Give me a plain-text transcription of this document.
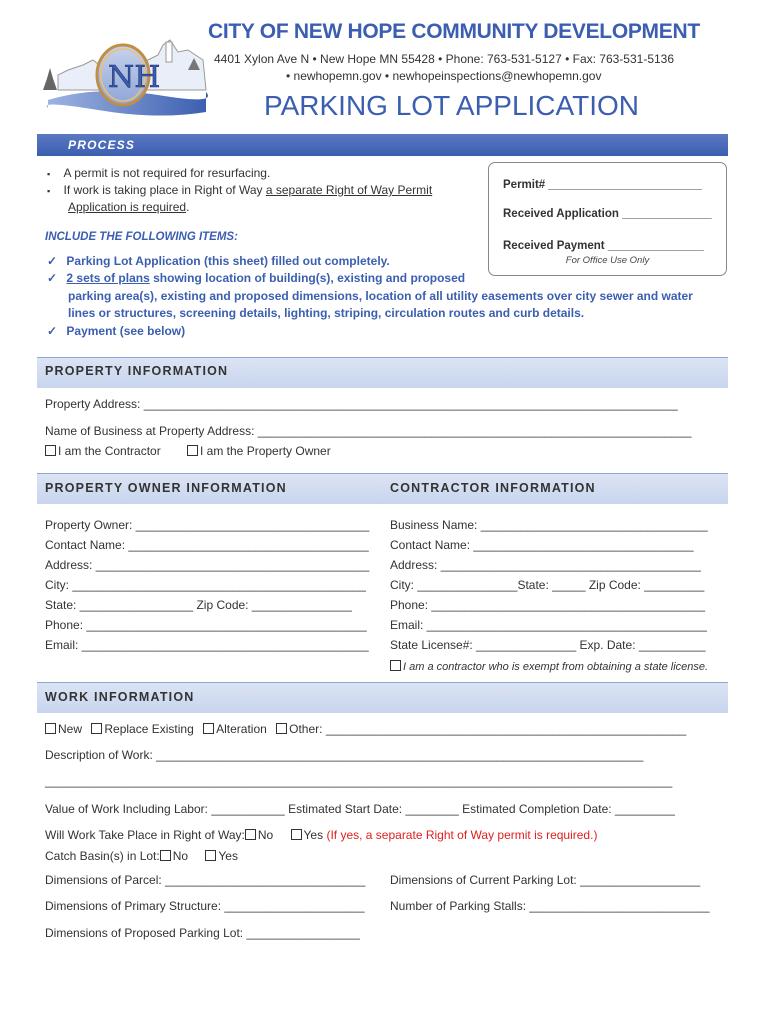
NH
CITY OF NEW HOPE COMMUNITY DEVELOPMENT
4401 Xylon Ave N • New Hope MN 55428 • Phone: 763-531-5127 • Fax: 763-531-5136
• newhopemn.gov • newhopeinspections@newhopemn.gov
PARKING LOT APPLICATION
PROCESS
▪ A permit is not required for resurfacing.
▪ If work is taking place in Right of Way a separate Right of Way Permit
Application is required.
INCLUDE THE FOLLOWING ITEMS:
✓ Parking Lot Application (this sheet) filled out completely.
✓ 2 sets of plans showing location of building(s), existing and proposed
parking area(s), existing and proposed dimensions, location of all utility easements over city sewer and water
lines or structures, screening details, lighting, striping, circulation routes and curb details.
✓ Payment (see below)
Permit# ________________________
Received Application ______________
Received Payment _______________
For Office Use Only
PROPERTY INFORMATION
Property Address: ________________________________________________________________________________
Name of Business at Property Address: _________________________________________________________________
I am the Contractor	I am the Property Owner
PROPERTY OWNER INFORMATION	CONTRACTOR INFORMATION
Property Owner: ___________________________________
Contact Name: ____________________________________
Address: _________________________________________
City: ____________________________________________
State: _________________ Zip Code: _______________
Phone: __________________________________________
Email: ___________________________________________
Business Name: __________________________________
Contact Name: _________________________________
Address: _______________________________________
City: _______________State: _____ Zip Code: _________
Phone: _________________________________________
Email: __________________________________________
State License#: _______________ Exp. Date: __________
I am a contractor who is exempt from obtaining a state license.
WORK INFORMATION
New Replace Existing Alteration Other: ______________________________________________________
Description of Work: _________________________________________________________________________
______________________________________________________________________________________________
Value of Work Including Labor: ___________ Estimated Start Date: ________ Estimated Completion Date: _________
Will Work Take Place in Right of Way: No	Yes (If yes, a separate Right of Way permit is required.)
Catch Basin(s) in Lot: No	Yes
Dimensions of Parcel: ______________________________ Dimensions of Current Parking Lot: __________________
Dimensions of Primary Structure: _____________________ Number of Parking Stalls: ___________________________
Dimensions of Proposed Parking Lot: _________________
